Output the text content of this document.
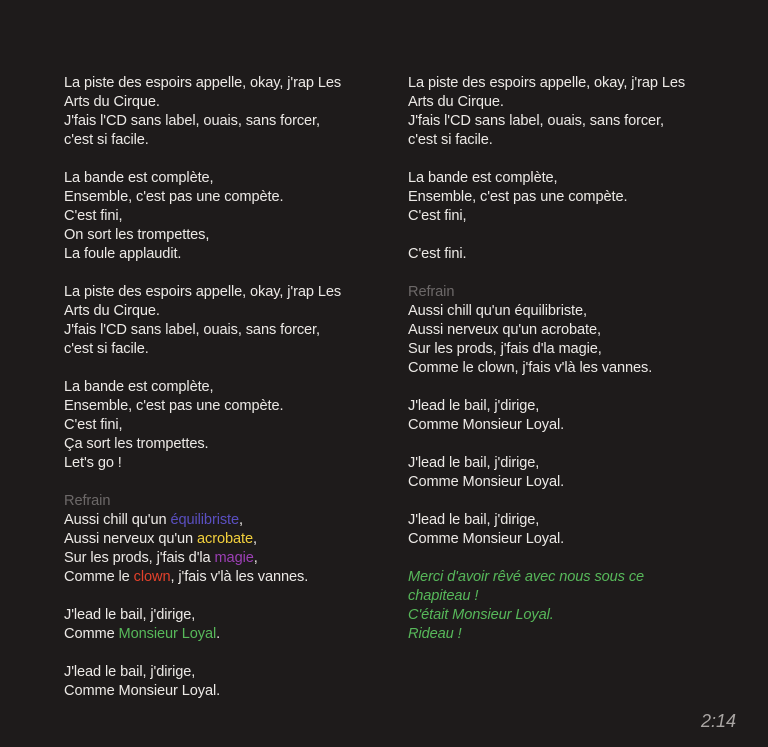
La piste des espoirs appelle, okay, j'rap Les
Arts du Cirque.
J'fais l'CD sans label, ouais, sans forcer,
c'est si facile.
La bande est complète,
Ensemble, c'est pas une compète.
C'est fini,
On sort les trompettes,
La foule applaudit.
La piste des espoirs appelle, okay, j'rap Les
Arts du Cirque.
J'fais l'CD sans label, ouais, sans forcer,
c'est si facile.
La bande est complète,
Ensemble, c'est pas une compète.
C'est fini,
Ça sort les trompettes.
Let's go !
Refrain
Aussi chill qu'un équilibriste,
Aussi nerveux qu'un acrobate,
Sur les prods, j'fais d'la magie,
Comme le clown, j'fais v'là les vannes.
J'lead le bail, j'dirige,
Comme Monsieur Loyal.
J'lead le bail, j'dirige,
Comme Monsieur Loyal.
La piste des espoirs appelle, okay, j'rap Les
Arts du Cirque.
J'fais l'CD sans label, ouais, sans forcer,
c'est si facile.
La bande est complète,
Ensemble, c'est pas une compète.
C'est fini,
C'est fini.
Refrain
Aussi chill qu'un équilibriste,
Aussi nerveux qu'un acrobate,
Sur les prods, j'fais d'la magie,
Comme le clown, j'fais v'là les vannes.
J'lead le bail, j'dirige,
Comme Monsieur Loyal.
J'lead le bail, j'dirige,
Comme Monsieur Loyal.
J'lead le bail, j'dirige,
Comme Monsieur Loyal.
Merci d'avoir rêvé avec nous sous ce
chapiteau !
C'était Monsieur Loyal.
Rideau !
2:14
